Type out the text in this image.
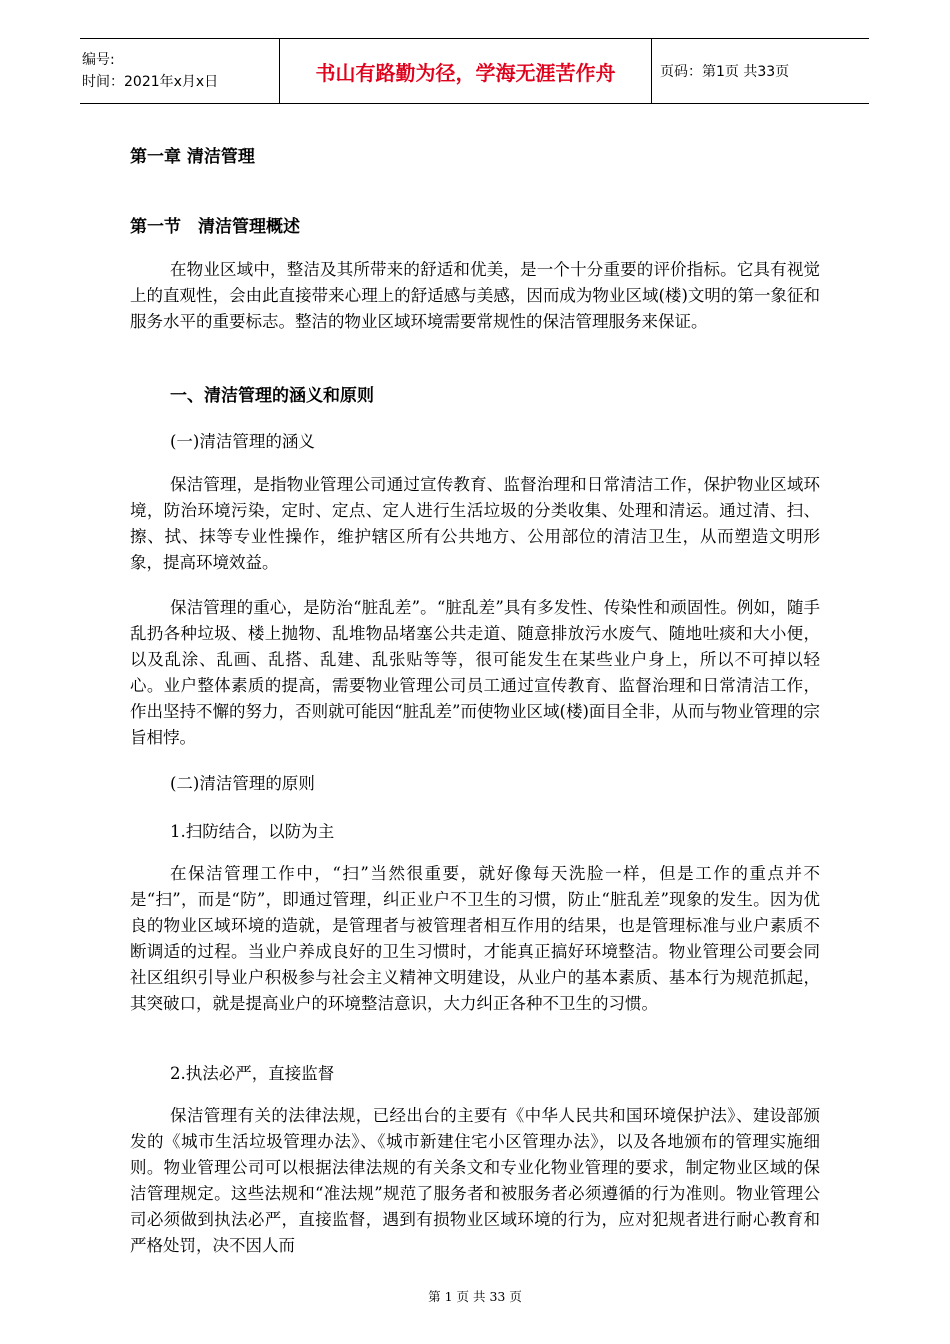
编号:
时间：2021年x月x日	书山有路勤为径，学海无涯苦作舟	页码：第1页 共33页
第一章 清洁管理
第一节　清洁管理概述

在物业区域中，整洁及其所带来的舒适和优美，是一个十分重要的评价指标。它具有视觉上的直观性，会由此直接带来心理上的舒适感与美感，因而成为物业区域(楼)文明的第一象征和服务水平的重要标志。整洁的物业区域环境需要常规性的保洁管理服务来保证。

一、清洁管理的涵义和原则
(一)清洁管理的涵义

保洁管理，是指物业管理公司通过宣传教育、监督治理和日常清洁工作，保护物业区域环境，防治环境污染，定时、定点、定人进行生活垃圾的分类收集、处理和清运。通过清、扫、擦、拭、抹等专业性操作，维护辖区所有公共地方、公用部位的清洁卫生，从而塑造文明形象，提高环境效益。

保洁管理的重心，是防治“脏乱差”。“脏乱差”具有多发性、传染性和顽固性。例如，随手乱扔各种垃圾、楼上抛物、乱堆物品堵塞公共走道、随意排放污水废气、随地吐痰和大小便，以及乱涂、乱画、乱搭、乱建、乱张贴等等，很可能发生在某些业户身上，所以不可掉以轻心。业户整体素质的提高，需要物业管理公司员工通过宣传教育、监督治理和日常清洁工作，作出坚持不懈的努力，否则就可能因“脏乱差”而使物业区域(楼)面目全非，从而与物业管理的宗旨相悖。

(二)清洁管理的原则
1.扫防结合，以防为主

在保洁管理工作中，“扫”当然很重要，就好像每天洗脸一样，但是工作的重点并不是“扫”，而是“防”，即通过管理，纠正业户不卫生的习惯，防止“脏乱差”现象的发生。因为优良的物业区域环境的造就，是管理者与被管理者相互作用的结果，也是管理标准与业户素质不断调适的过程。当业户养成良好的卫生习惯时，才能真正搞好环境整洁。物业管理公司要会同社区组织引导业户积极参与社会主义精神文明建设，从业户的基本素质、基本行为规范抓起，其突破口，就是提高业户的环境整洁意识，大力纠正各种不卫生的习惯。

2.执法必严，直接监督

保洁管理有关的法律法规，已经出台的主要有《中华人民共和国环境保护法》、建设部颁发的《城市生活垃圾管理办法》、《城市新建住宅小区管理办法》，以及各地颁布的管理实施细则。物业管理公司可以根据法律法规的有关条文和专业化物业管理的要求，制定物业区域的保洁管理规定。这些法规和“准法规”规范了服务者和被服务者必须遵循的行为准则。物业管理公司必须做到执法必严，直接监督，遇到有损物业区域环境的行为，应对犯规者进行耐心教育和严格处罚，决不因人而

第 1 页 共 33 页
